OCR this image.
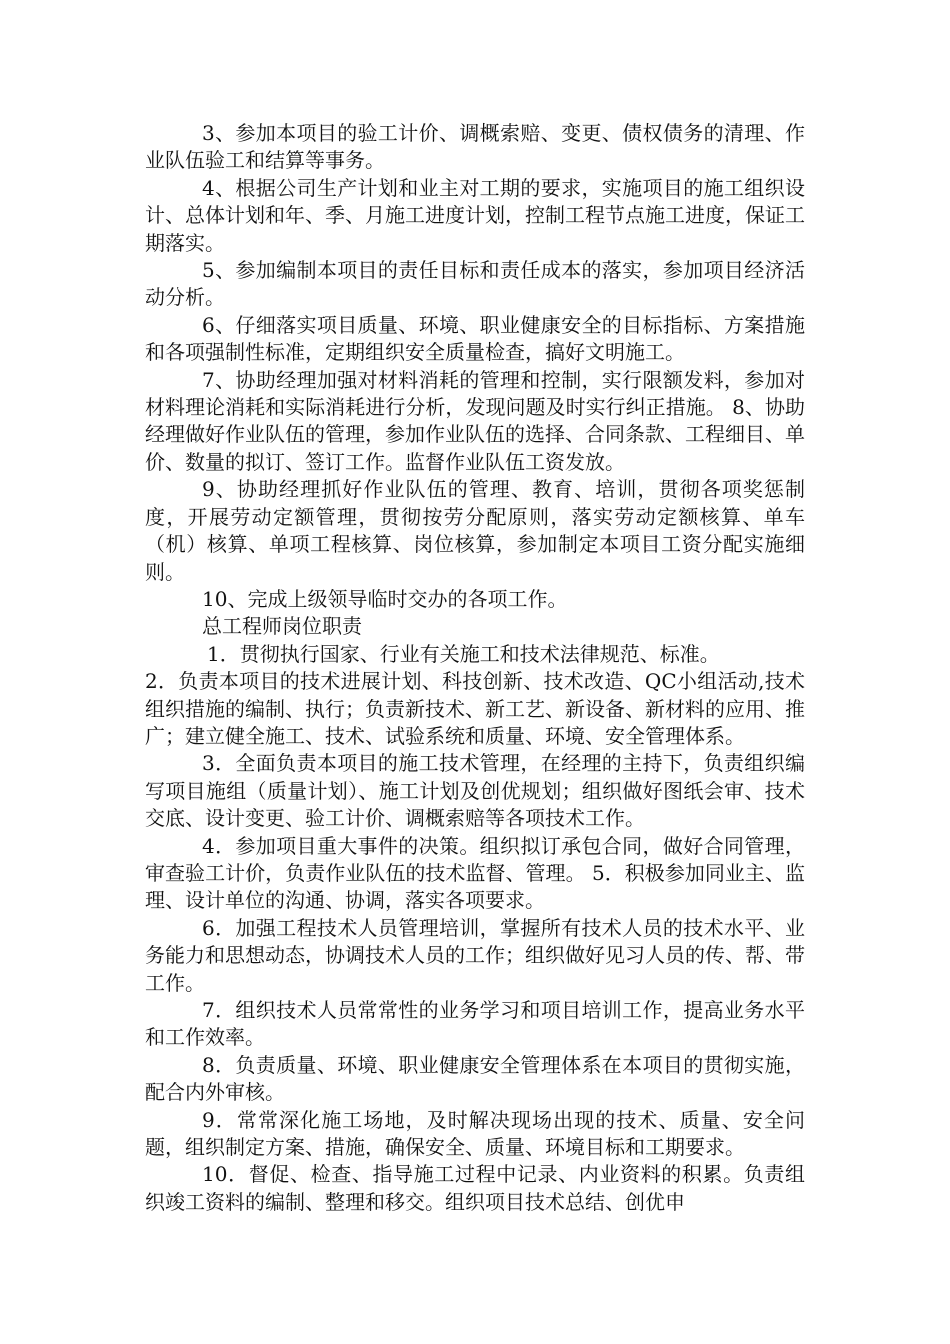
3、参加本项目的验工计价、调概索赔、变更、债权债务的清理、作业队伍验工和结算等事务。

4、根据公司生产计划和业主对工期的要求，实施项目的施工组织设计、总体计划和年、季、月施工进度计划，控制工程节点施工进度，保证工期落实。

5、参加编制本项目的责任目标和责任成本的落实，参加项目经济活动分析。

6、仔细落实项目质量、环境、职业健康安全的目标指标、方案措施和各项强制性标准，定期组织安全质量检查，搞好文明施工。

7、协助经理加强对材料消耗的管理和控制，实行限额发料，参加对材料理论消耗和实际消耗进行分析，发现问题及时实行纠正措施。 8、协助经理做好作业队伍的管理，参加作业队伍的选择、合同条款、工程细目、单价、数量的拟订、签订工作。监督作业队伍工资发放。

9、协助经理抓好作业队伍的管理、教育、培训，贯彻各项奖惩制度，开展劳动定额管理，贯彻按劳分配原则，落实劳动定额核算、单车（机）核算、单项工程核算、岗位核算，参加制定本项目工资分配实施细则。

10、完成上级领导临时交办的各项工作。

总工程师岗位职责

1．贯彻执行国家、行业有关施工和技术法律规范、标准。

2．负责本项目的技术进展计划、科技创新、技术改造、QC小组活动,技术组织措施的编制、执行；负责新技术、新工艺、新设备、新材料的应用、推广；建立健全施工、技术、试验系统和质量、环境、安全管理体系。

3．全面负责本项目的施工技术管理，在经理的主持下，负责组织编写项目施组（质量计划）、施工计划及创优规划；组织做好图纸会审、技术交底、设计变更、验工计价、调概索赔等各项技术工作。

4．参加项目重大事件的决策。组织拟订承包合同，做好合同管理，审查验工计价，负责作业队伍的技术监督、管理。 5．积极参加同业主、监理、设计单位的沟通、协调，落实各项要求。

6．加强工程技术人员管理培训，掌握所有技术人员的技术水平、业务能力和思想动态，协调技术人员的工作；组织做好见习人员的传、帮、带工作。

7．组织技术人员常常性的业务学习和项目培训工作，提高业务水平和工作效率。

8．负责质量、环境、职业健康安全管理体系在本项目的贯彻实施，配合内外审核。

9．常常深化施工场地，及时解决现场出现的技术、质量、安全问题，组织制定方案、措施，确保安全、质量、环境目标和工期要求。

10．督促、检查、指导施工过程中记录、内业资料的积累。负责组织竣工资料的编制、整理和移交。组织项目技术总结、创优申
